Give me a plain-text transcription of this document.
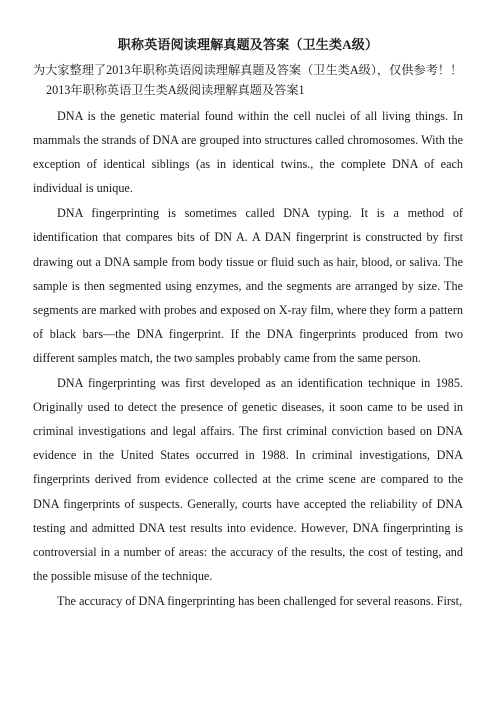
职称英语阅读理解真题及答案（卫生类A级）

为大家整理了2013年职称英语阅读理解真题及答案（卫生类A级），仅供参考！！

2013年职称英语卫生类A级阅读理解真题及答案1

DNA is the genetic material found within the cell nuclei of all living things. In mammals the strands of DNA are grouped into structures called chromosomes. With the exception of identical siblings (as in identical twins., the complete DNA of each individual is unique.

DNA fingerprinting is sometimes called DNA typing. It is a method of identification that compares bits of DN A. A DAN fingerprint is constructed by first drawing out a DNA sample from body tissue or fluid such as hair, blood, or saliva. The sample is then segmented using enzymes, and the segments are arranged by size. The segments are marked with probes and exposed on X-ray film, where they form a pattern of black bars—the DNA fingerprint. If the DNA fingerprints produced from two different samples match, the two samples probably came from the same person.

DNA fingerprinting was first developed as an identification technique in 1985. Originally used to detect the presence of genetic diseases, it soon came to be used in criminal investigations and legal affairs. The first criminal conviction based on DNA evidence in the United States occurred in 1988. In criminal investigations, DNA fingerprints derived from evidence collected at the crime scene are compared to the DNA fingerprints of suspects. Generally, courts have accepted the reliability of DNA testing and admitted DNA test results into evidence. However, DNA fingerprinting is controversial in a number of areas: the accuracy of the results, the cost of testing, and the possible misuse of the technique.

The accuracy of DNA fingerprinting has been challenged for several reasons. First,
